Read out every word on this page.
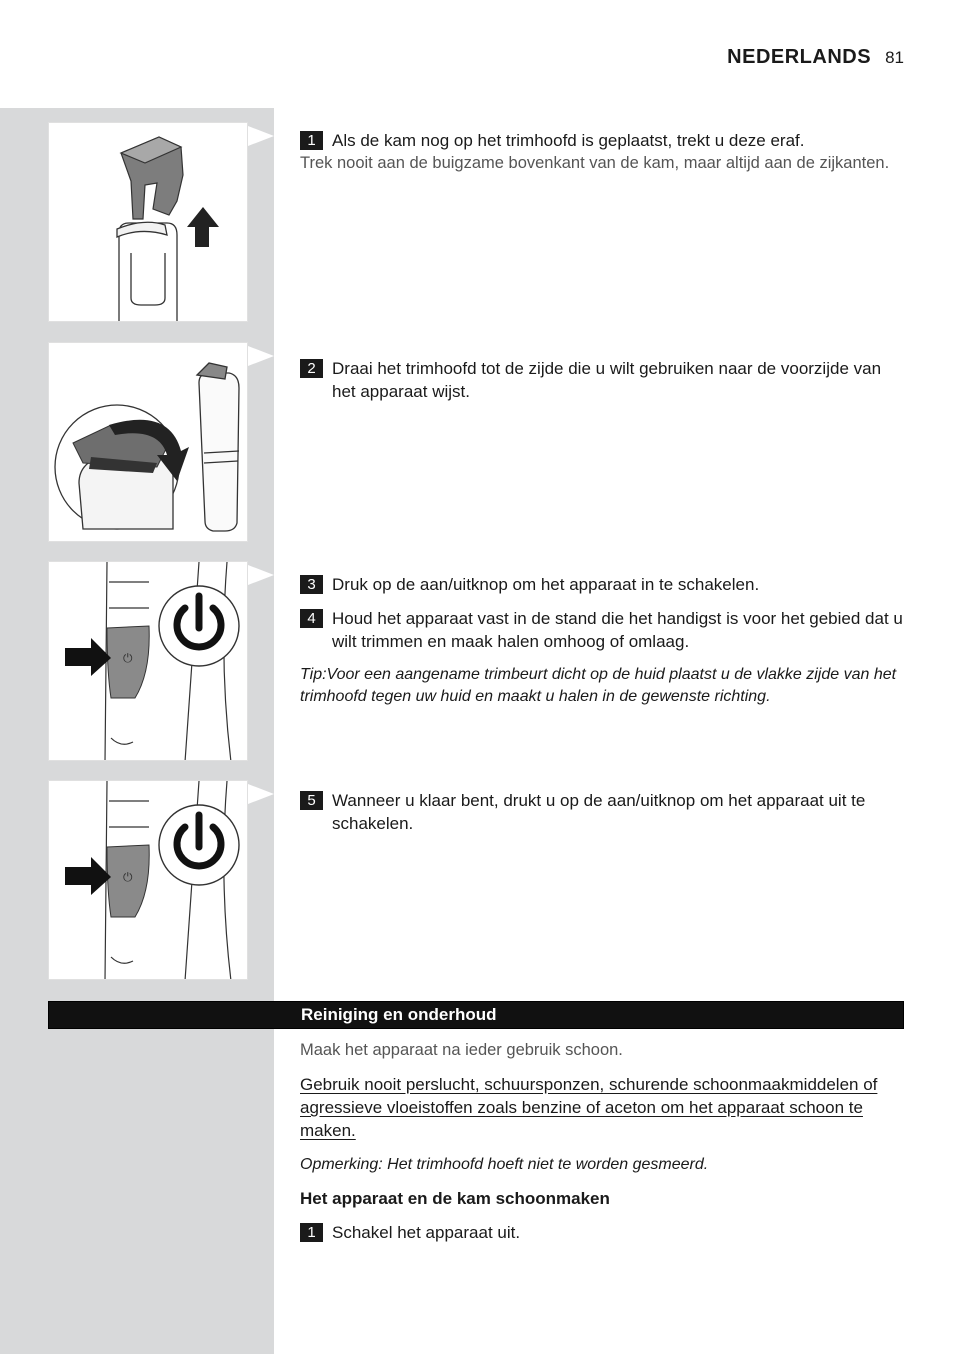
NEDERLANDS 81
⏻
⏻
1 Als de kam nog op het trimhoofd is geplaatst, trekt u deze eraf.

Trek nooit aan de buigzame bovenkant van de kam, maar altijd aan de zijkanten.

2 Draai het trimhoofd tot de zijde die u wilt gebruiken naar de voorzijde van het apparaat wijst.
3 Druk op de aan/uitknop om het apparaat in te schakelen.
4 Houd het apparaat vast in de stand die het handigst is voor het gebied dat u wilt trimmen en maak halen omhoog of omlaag.

Tip:Voor een aangename trimbeurt dicht op de huid plaatst u de vlakke zijde van het trimhoofd tegen uw huid en maakt u halen in de gewenste richting.

5 Wanneer u klaar bent, drukt u op de aan/uitknop om het apparaat uit te schakelen.
Reiniging en onderhoud

Maak het apparaat na ieder gebruik schoon.

Gebruik nooit perslucht, schuursponzen, schurende schoonmaakmiddelen of agressieve vloeistoffen zoals benzine of aceton om het apparaat schoon te maken.

Opmerking: Het trimhoofd hoeft niet te worden gesmeerd.

Het apparaat en de kam schoonmaken

1 Schakel het apparaat uit.
